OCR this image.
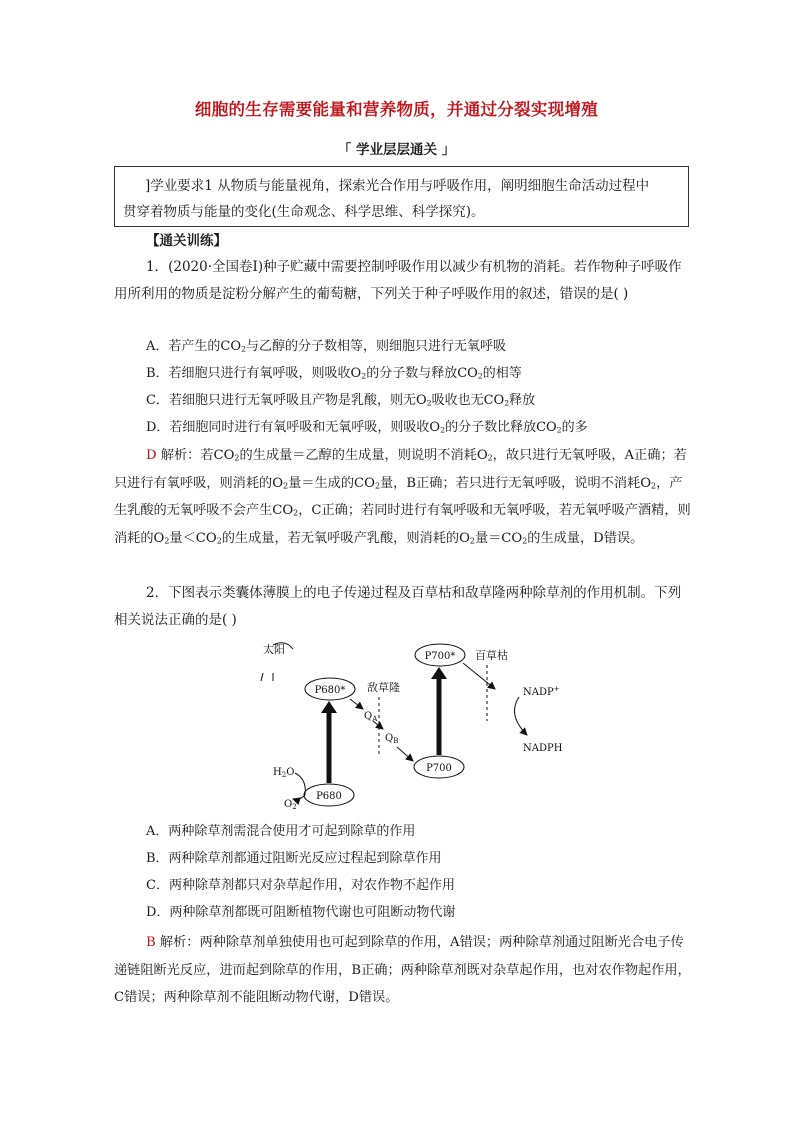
细胞的生存需要能量和营养物质，并通过分裂实现增殖
「 学业层层通关 」
]学业要求1 从物质与能量视角，探索光合作用与呼吸作用，阐明细胞生命活动过程中
贯穿着物质与能量的变化(生命观念、科学思维、科学探究)。
【通关训练】
1．(2020·全国卷Ⅰ)种子贮藏中需要控制呼吸作用以减少有机物的消耗。若作物种子呼吸作用所利用的物质是淀粉分解产生的葡萄糖，下列关于种子呼吸作用的叙述，错误的是( )
A．若产生的$CO_2$与乙醇的分子数相等，则细胞只进行无氧呼吸
B．若细胞只进行有氧呼吸，则吸收$O_2$的分子数与释放$CO_2$的相等
C．若细胞只进行无氧呼吸且产物是乳酸，则无$O_2$吸收也无$CO_2$释放
D．若细胞同时进行有氧呼吸和无氧呼吸，则吸收$O_2$的分子数比释放$CO_2$的多
D 解析：若$CO_2$的生成量＝乙醇的生成量，则说明不消耗$O_2$，故只进行无氧呼吸，A正确；若只进行有氧呼吸，则消耗的$O_2$量＝生成的$CO_2$量，B正确；若只进行无氧呼吸，说明不消耗$O_2$，产生乳酸的无氧呼吸不会产生$CO_2$，C正确；若同时进行有氧呼吸和无氧呼吸，若无氧呼吸产酒精，则消耗的$O_2$量$<CO_2$的生成量，若无氧呼吸产乳酸，则消耗的$O_2$量$=CO_2$的生成量，D错误。
2．下图表示类囊体薄膜上的电子传递过程及百草枯和敌草隆两种除草剂的作用机制。下列相关说法正确的是( )
太阳
P680*
P680
$H_2O$
$O_2$
$Q_A$
敌草隆
$Q_B$
P700
P700* 百草枯
NADP+
NADPH
A．两种除草剂需混合使用才可起到除草的作用
B．两种除草剂都通过阻断光反应过程起到除草作用
C．两种除草剂都只对杂草起作用，对农作物不起作用
D．两种除草剂都既可阻断植物代谢也可阻断动物代谢
B 解析：两种除草剂单独使用也可起到除草的作用，A错误；两种除草剂通过阻断光合电子传递链阻断光反应，进而起到除草的作用，B正确；两种除草剂既对杂草起作用，也对农作物起作用，C错误；两种除草剂不能阻断动物代谢，D错误。
